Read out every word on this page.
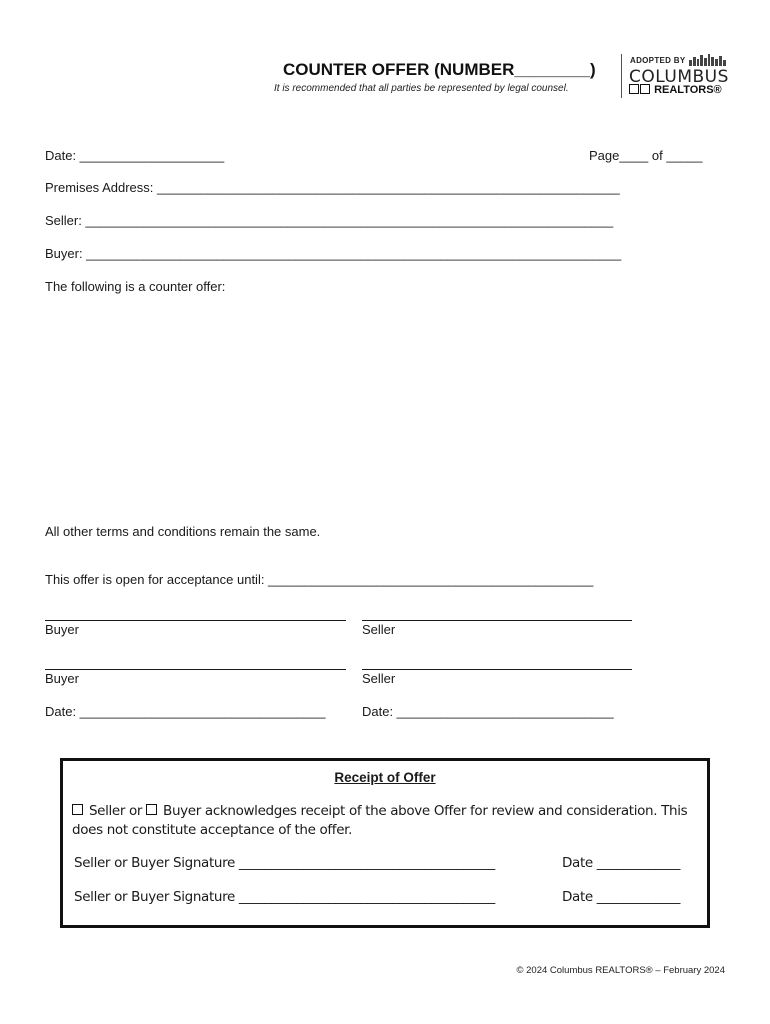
COUNTER OFFER (NUMBER________)
It is recommended that all parties be represented by legal counsel.
ADOPTED BY
COLUMBUS
REALTORS®
Date: ____________________	Page____ of _____
Premises Address: ________________________________________________________________
Seller: _________________________________________________________________________
Buyer: __________________________________________________________________________
The following is a counter offer:
All other terms and conditions remain the same.
This offer is open for acceptance until: _____________________________________________
Buyer	Seller
Buyer	Seller
Date: __________________________________	Date: ______________________________
Receipt of Offer
Seller or Buyer acknowledges receipt of the above Offer for review and consideration. This does not constitute acceptance of the offer.
Seller or Buyer Signature ________________________________________	Date _____________
Seller or Buyer Signature ________________________________________	Date _____________
© 2024 Columbus REALTORS® – February 2024
